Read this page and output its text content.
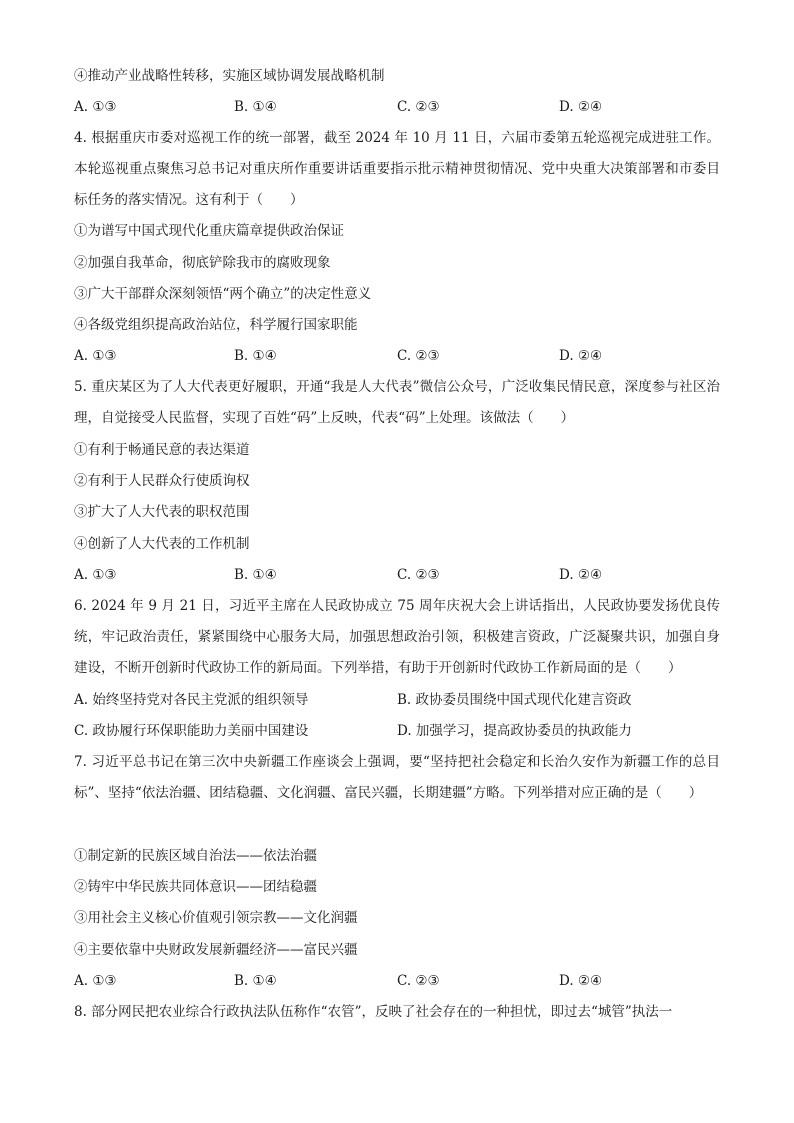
④推动产业战略性转移，实施区域协调发展战略机制
A. ①③	B. ①④	C. ②③	D. ②④
4. 根据重庆市委对巡视工作的统一部署，截至 2024 年 10 月 11 日，六届市委第五轮巡视完成进驻工作。本轮巡视重点聚焦习总书记对重庆所作重要讲话重要指示批示精神贯彻情况、党中央重大决策部署和市委目标任务的落实情况。这有利于（　　）
①为谱写中国式现代化重庆篇章提供政治保证
②加强自我革命，彻底铲除我市的腐败现象
③广大干部群众深刻领悟“两个确立”的决定性意义
④各级党组织提高政治站位，科学履行国家职能
A. ①③	B. ①④	C. ②③	D. ②④
5. 重庆某区为了人大代表更好履职，开通“我是人大代表”微信公众号，广泛收集民情民意，深度参与社区治理，自觉接受人民监督，实现了百姓“码”上反映，代表“码”上处理。该做法（　　）
①有利于畅通民意的表达渠道
②有利于人民群众行使质询权
③扩大了人大代表的职权范围
④创新了人大代表的工作机制
A. ①③	B. ①④	C. ②③	D. ②④
6. 2024 年 9 月 21 日，习近平主席在人民政协成立 75 周年庆祝大会上讲话指出，人民政协要发扬优良传统，牢记政治责任，紧紧围绕中心服务大局，加强思想政治引领，积极建言资政，广泛凝聚共识，加强自身建设，不断开创新时代政协工作的新局面。下列举措，有助于开创新时代政协工作新局面的是（　　）
A. 始终坚持党对各民主党派的组织领导	B. 政协委员围绕中国式现代化建言资政
C. 政协履行环保职能助力美丽中国建设	D. 加强学习，提高政协委员的执政能力
7. 习近平总书记在第三次中央新疆工作座谈会上强调，要“坚持把社会稳定和长治久安作为新疆工作的总目标”、坚持“依法治疆、团结稳疆、文化润疆、富民兴疆，长期建疆”方略。下列举措对应正确的是（　　）
①制定新的民族区域自治法——依法治疆
②铸牢中华民族共同体意识——团结稳疆
③用社会主义核心价值观引领宗教——文化润疆
④主要依靠中央财政发展新疆经济——富民兴疆
A. ①③	B. ①④	C. ②③	D. ②④
8. 部分网民把农业综合行政执法队伍称作“农管”，反映了社会存在的一种担忧，即过去“城管”执法一
